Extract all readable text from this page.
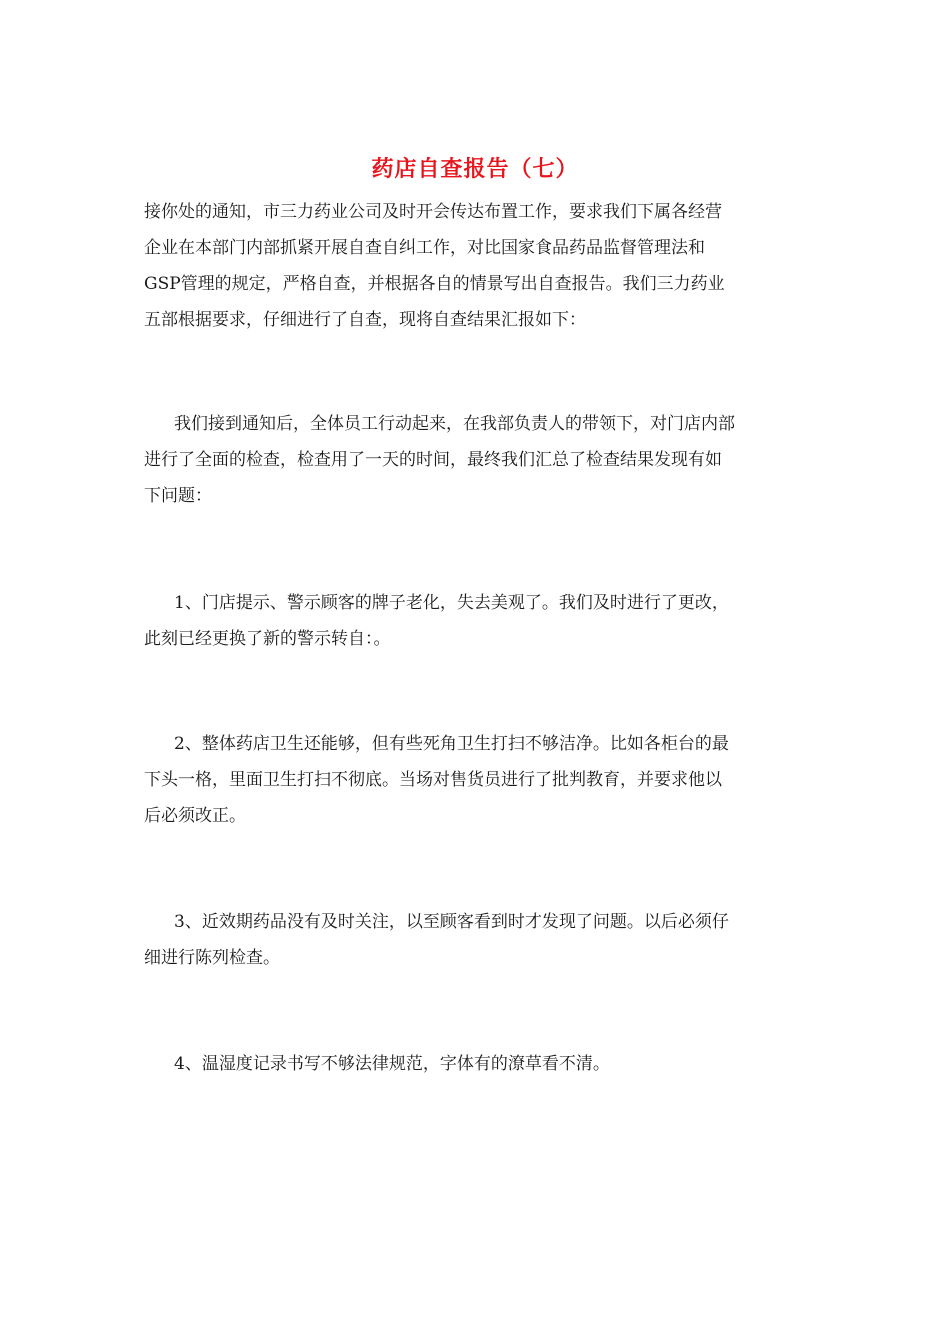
药店自查报告（七）
接你处的通知，市三力药业公司及时开会传达布置工作，要求我们下属各经营
企业在本部门内部抓紧开展自查自纠工作，对比国家食品药品监督管理法和
GSP管理的规定，严格自查，并根据各自的情景写出自查报告。我们三力药业
五部根据要求，仔细进行了自查，现将自查结果汇报如下：
我们接到通知后，全体员工行动起来，在我部负责人的带领下，对门店内部
进行了全面的检查，检查用了一天的时间，最终我们汇总了检查结果发现有如
下问题：
1、门店提示、警示顾客的牌子老化，失去美观了。我们及时进行了更改，
此刻已经更换了新的警示转自：。
2、整体药店卫生还能够，但有些死角卫生打扫不够洁净。比如各柜台的最
下头一格，里面卫生打扫不彻底。当场对售货员进行了批判教育，并要求他以
后必须改正。
3、近效期药品没有及时关注，以至顾客看到时才发现了问题。以后必须仔
细进行陈列检查。
4、温湿度记录书写不够法律规范，字体有的潦草看不清。
